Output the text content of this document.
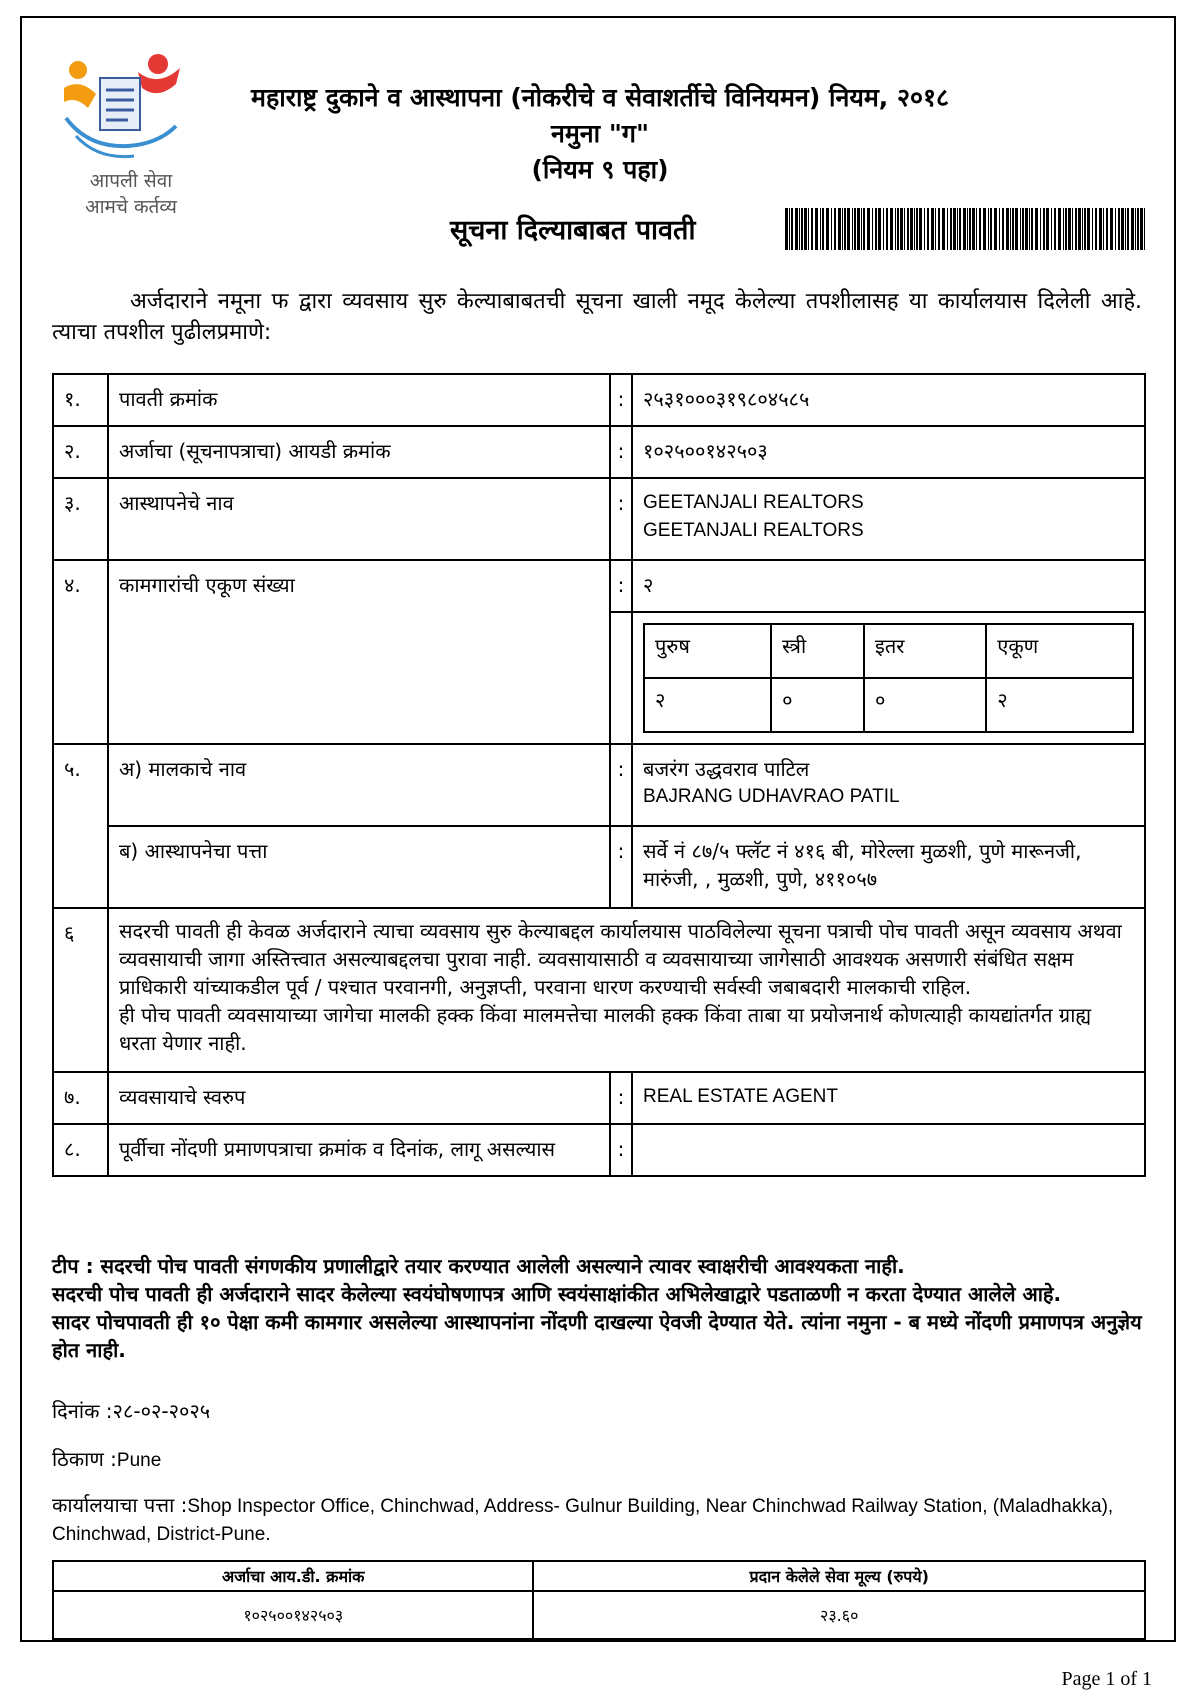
आपली सेवा
आमचे कर्तव्य
महाराष्ट्र दुकाने व आस्थापना (नोकरीचे व सेवाशर्तीचे विनियमन) नियम, २०१८
नमुना "ग"
(नियम ९ पहा)
सूचना दिल्याबाबत पावती
अर्जदाराने नमूना फ द्वारा व्यवसाय सुरु केल्याबाबतची सूचना खाली नमूद केलेल्या तपशीलासह या कार्यालयास दिलेली आहे. त्याचा तपशील पुढीलप्रमाणे:
१.	पावती क्रमांक	:	२५३१०००३१९८०४५८५
२.	अर्जाचा (सूचनापत्राचा) आयडी क्रमांक	:	१०२५००१४२५०३
३.	आस्थापनेचे नाव	:	GEETANJALI REALTORS
GEETANJALI REALTORS

४.	कामगारांची एकूण संख्या	:	२

पुरुष	स्त्री	इतर	एकूण
२	०	०	२

५.	अ) मालकाचे नाव	:	बजरंग उद्धवराव पाटिल
BAJRANG UDHAVRAO PATIL

ब) आस्थापनेचा पत्ता	:	सर्वे नं ८७/५ फ्लॅट नं ४१६ बी, मोरेल्ला मुळशी, पुणे मारूनजी, मारुंजी, , मुळशी, पुणे, ४११०५७
६	सदरची पावती ही केवळ अर्जदाराने त्याचा व्यवसाय सुरु केल्याबद्दल कार्यालयास पाठविलेल्या सूचना पत्राची पोच पावती असून व्यवसाय अथवा व्यवसायाची जागा अस्तित्त्वात असल्याबद्दलचा पुरावा नाही. व्यवसायासाठी व व्यवसायाच्या जागेसाठी आवश्यक असणारी संबंधित सक्षम प्राधिकारी यांच्याकडील पूर्व / पश्चात परवानगी, अनुज्ञप्ती, परवाना धारण करण्याची सर्वस्वी जबाबदारी मालकाची राहिल.
ही पोच पावती व्यवसायाच्या जागेचा मालकी हक्क किंवा मालमत्तेचा मालकी हक्क किंवा ताबा या प्रयोजनार्थ कोणत्याही कायद्यांतर्गत ग्राह्य धरता येणार नाही.

७.	व्यवसायाचे स्वरुप	:	REAL ESTATE AGENT
८.	पूर्वीचा नोंदणी प्रमाणपत्राचा क्रमांक व दिनांक, लागू असल्यास	:	
टीप : सदरची पोच पावती संगणकीय प्रणालीद्वारे तयार करण्यात आलेली असल्याने त्यावर स्वाक्षरीची आवश्यकता नाही.
सदरची पोच पावती ही अर्जदाराने सादर केलेल्या स्वयंघोषणापत्र आणि स्वयंसाक्षांकीत अभिलेखाद्वारे पडताळणी न करता देण्यात आलेले आहे.
सादर पोचपावती ही १० पेक्षा कमी कामगार असलेल्या आस्थापनांना नोंदणी दाखल्या ऐवजी देण्यात येते. त्यांना नमुना - ब मध्ये नोंदणी प्रमाणपत्र अनुज्ञेय होत नाही.
दिनांक :२८-०२-२०२५
ठिकाण :Pune
कार्यालयाचा पत्ता :Shop Inspector Office, Chinchwad, Address- Gulnur Building, Near Chinchwad Railway Station, (Maladhakka), Chinchwad, District-Pune.
अर्जाचा आय.डी. क्रमांक	प्रदान केलेले सेवा मूल्य (रुपये)
१०२५००१४२५०३	२३.६०
Page 1 of 1
